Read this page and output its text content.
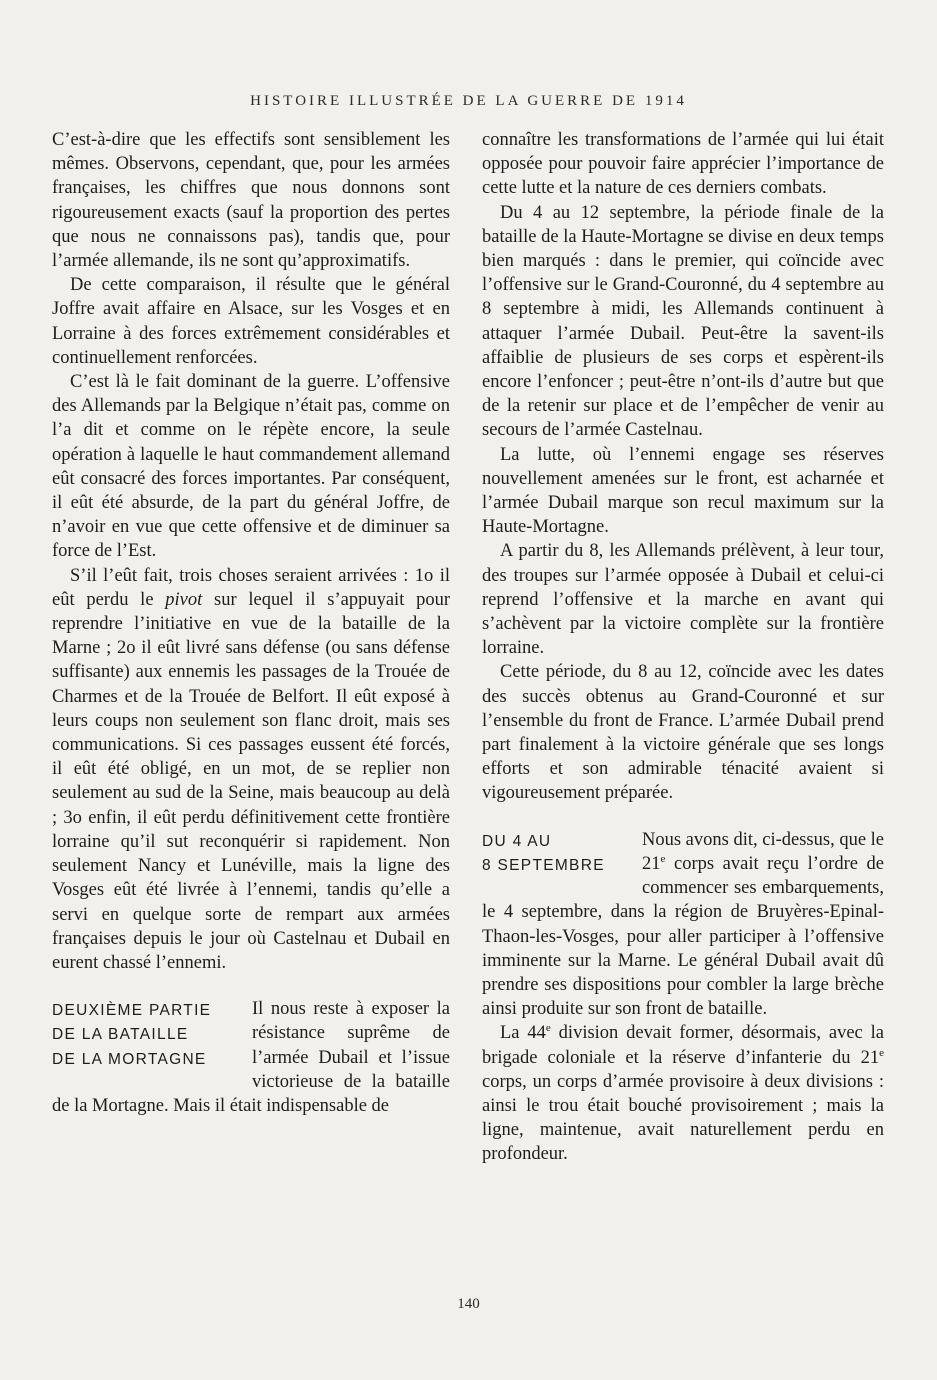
HISTOIRE ILLUSTRÉE DE LA GUERRE DE 1914

C’est-à-dire que les effectifs sont sensiblement les mêmes. Observons, cependant, que, pour les armées françaises, les chiffres que nous donnons sont rigoureusement exacts (sauf la proportion des pertes que nous ne connaissons pas), tandis que, pour l’armée allemande, ils ne sont qu’approximatifs.

De cette comparaison, il résulte que le général Joffre avait affaire en Alsace, sur les Vosges et en Lorraine à des forces extrêmement considérables et continuellement renforcées.

C’est là le fait dominant de la guerre. L’offensive des Allemands par la Belgique n’était pas, comme on l’a dit et comme on le répète encore, la seule opération à laquelle le haut commandement allemand eût consacré des forces importantes. Par conséquent, il eût été absurde, de la part du général Joffre, de n’avoir en vue que cette offensive et de diminuer sa force de l’Est.

S’il l’eût fait, trois choses seraient arrivées : 1o il eût perdu le pivot sur lequel il s’appuyait pour reprendre l’initiative en vue de la bataille de la Marne ; 2o il eût livré sans défense (ou sans défense suffisante) aux ennemis les passages de la Trouée de Charmes et de la Trouée de Belfort. Il eût exposé à leurs coups non seulement son flanc droit, mais ses communications. Si ces passages eussent été forcés, il eût été obligé, en un mot, de se replier non seulement au sud de la Seine, mais beaucoup au delà ; 3o enfin, il eût perdu définitivement cette frontière lorraine qu’il sut reconquérir si rapidement. Non seulement Nancy et Lunéville, mais la ligne des Vosges eût été livrée à l’ennemi, tandis qu’elle a servi en quelque sorte de rempart aux armées françaises depuis le jour où Castelnau et Dubail en eurent chassé l’ennemi.

DEUXIÈME PARTIE
DE LA BATAILLE
DE LA MORTAGNE

Il nous reste à exposer la résistance suprême de l’armée Dubail et l’issue victorieuse de la bataille de la Mortagne. Mais il était indispensable de

connaître les transformations de l’armée qui lui était opposée pour pouvoir faire apprécier l’importance de cette lutte et la nature de ces derniers combats.

Du 4 au 12 septembre, la période finale de la bataille de la Haute-Mortagne se divise en deux temps bien marqués : dans le premier, qui coïncide avec l’offensive sur le Grand-Couronné, du 4 septembre au 8 septembre à midi, les Allemands continuent à attaquer l’armée Dubail. Peut-être la savent-ils affaiblie de plusieurs de ses corps et espèrent-ils encore l’enfoncer ; peut-être n’ont-ils d’autre but que de la retenir sur place et de l’empêcher de venir au secours de l’armée Castelnau.

La lutte, où l’ennemi engage ses réserves nouvellement amenées sur le front, est acharnée et l’armée Dubail marque son recul maximum sur la Haute-Mortagne.

A partir du 8, les Allemands prélèvent, à leur tour, des troupes sur l’armée opposée à Dubail et celui-ci reprend l’offensive et la marche en avant qui s’achèvent par la victoire complète sur la frontière lorraine.

Cette période, du 8 au 12, coïncide avec les dates des succès obtenus au Grand-Couronné et sur l’ensemble du front de France. L’armée Dubail prend part finalement à la victoire générale que ses longs efforts et son admirable ténacité avaient si vigoureusement préparée.

DU 4 AU
8 SEPTEMBRE

Nous avons dit, ci-dessus, que le 21e corps avait reçu l’ordre de commencer ses embarquements, le 4 septembre, dans la région de Bruyères-Epinal-Thaon-les-Vosges, pour aller participer à l’offensive imminente sur la Marne. Le général Dubail avait dû prendre ses dispositions pour combler la large brèche ainsi produite sur son front de bataille.

La 44e division devait former, désormais, avec la brigade coloniale et la réserve d’infanterie du 21e corps, un corps d’armée provisoire à deux divisions : ainsi le trou était bouché provisoirement ; mais la ligne, maintenue, avait naturellement perdu en profondeur.

140
